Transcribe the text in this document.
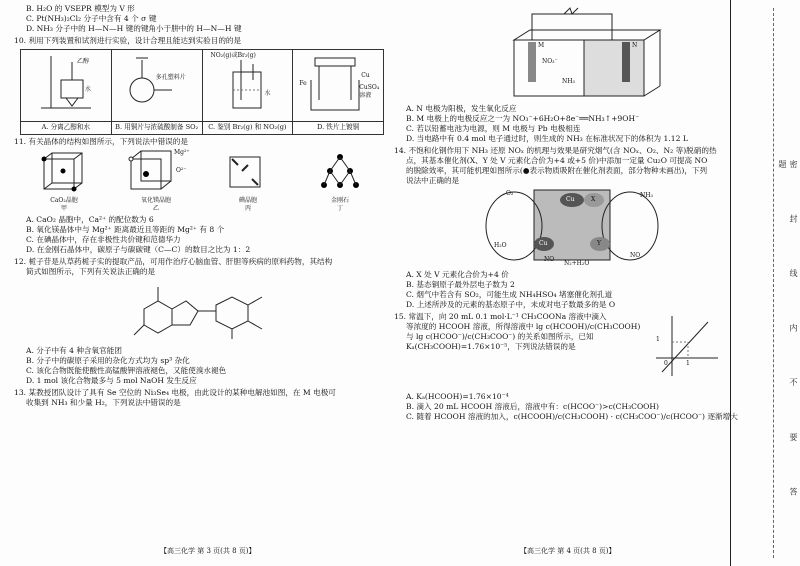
B. H₂O 的 VSEPR 模型为 V 形
C. Pt(NH₃)₂Cl₂ 分子中含有 4 个 σ 键
D. NH₃ 分子中的 H—N—H 键的键角小于肼中的 H—N—H 键
10. 利用下列装置和试剂进行实验，设计合理且能达到实验目的的是
乙醇
水
A. 分离乙醇和水
多孔塑料片
B. 用铜片与浓硫酸制备 SO₂
NO₂(g)或Br₂(g)
水
C. 鉴别 Br₂(g) 和 NO₂(g)
Fe
Cu
CuSO₄溶液
D. 铁片上镀铜
11. 有关晶体的结构如图所示，下列说法中错误的是
CaO₂晶胞
甲
Mg²⁺
O²⁻
氧化镁晶胞
乙
碘晶胞
丙
金刚石
丁
A. CaO₂ 晶胞中，Ca²⁺ 的配位数为 6
B. 氧化镁晶体中与 Mg²⁺ 距离最近且等距的 Mg²⁺ 有 8 个
C. 在碘晶体中，存在非极性共价键和范德华力
D. 在金刚石晶体中，碳原子与碳碳键（C—C）的数目之比为 1：2
12. 栀子苷是从草药栀子实的提取产品，可用作治疗心脑血管、肝胆等疾病的原料药物，其结构
简式如图所示，下列有关说法正确的是
A. 分子中有 4 种含氧官能团
B. 分子中的碳原子采用的杂化方式均为 sp³ 杂化
C. 该化合物既能使酸性高锰酸钾溶液褪色，又能使溴水褪色
D. 1 mol 该化合物最多与 5 mol NaOH 发生反应
13. 某教授团队设计了具有 Se 空位的 Ni₃Se₄ 电极，由此设计的某种电解池如图，在 M 电极可
收集到 NH₃ 和少量 H₂，下列说法中错误的是
【高三化学 第 3 页(共 8 页)】
M	N
NO₃⁻
NH₃
A. N 电极为阳极，发生氧化反应
B. M 电极上的电极反应之一为 NO₃⁻+6H₂O+8e⁻══NH₃↑+9OH⁻
C. 若以铅蓄电池为电源，则 M 电极与 Pb 电极相连
D. 当电路中有 0.4 mol 电子通过时，则生成的 NH₃ 在标准状况下的体积为 1.12 L
14. 不饱和化钢作用下 NH₃ 还原 NOₓ 的机理与效果是研究烟气(含 NOₓ、O₂、N₂ 等)脱硝的热
点，其基本催化剂(X、Y 处 V 元素化合价为+4 或+5 价)中添加一定量 Cu₂O 可提高 NO
的脱除效率，其可能机理如图所示(●表示物质吸附在催化剂表面，部分物种未画出)，下列
说法中正确的是
O₂	NH₃
Cu
Cu
X
Y
H₂O
NO
N₂+H₂O
NO
A. X 处 V 元素化合价为+4 价
B. 基态铜原子最外层电子数为 2
C. 烟气中若含有 SO₂，可能生成 NH₄HSO₄ 堵塞催化剂孔道
D. 上述所涉及的元素的基态原子中，未成对电子数最多的是 O
15. 常温下，向 20 mL 0.1 mol·L⁻¹ CH₃COONa 溶液中滴入
等浓度的 HCOOH 溶液，所得溶液中 lg c(HCOOH)/c(CH₃COOH)
与 lg c(HCOO⁻)/c(CH₃COO⁻) 的关系如图所示，已知
Kₐ(CH₃COOH)=1.76×10⁻⁵，下列说法错误的是
1
1
0
A. Kₐ(HCOOH)=1.76×10⁻⁴
B. 滴入 20 mL HCOOH 溶液后，溶液中有：c(HCOO⁻)>c(CH₃COOH)
C. 随着 HCOOH 溶液的加入，c(HCOOH)/c(CH₃COOH) · c(CH₃COO⁻)/c(HCOO⁻) 逐渐增大
【高三化学 第 4 页(共 8 页)】
密 封 线 内 不 要 答 题
